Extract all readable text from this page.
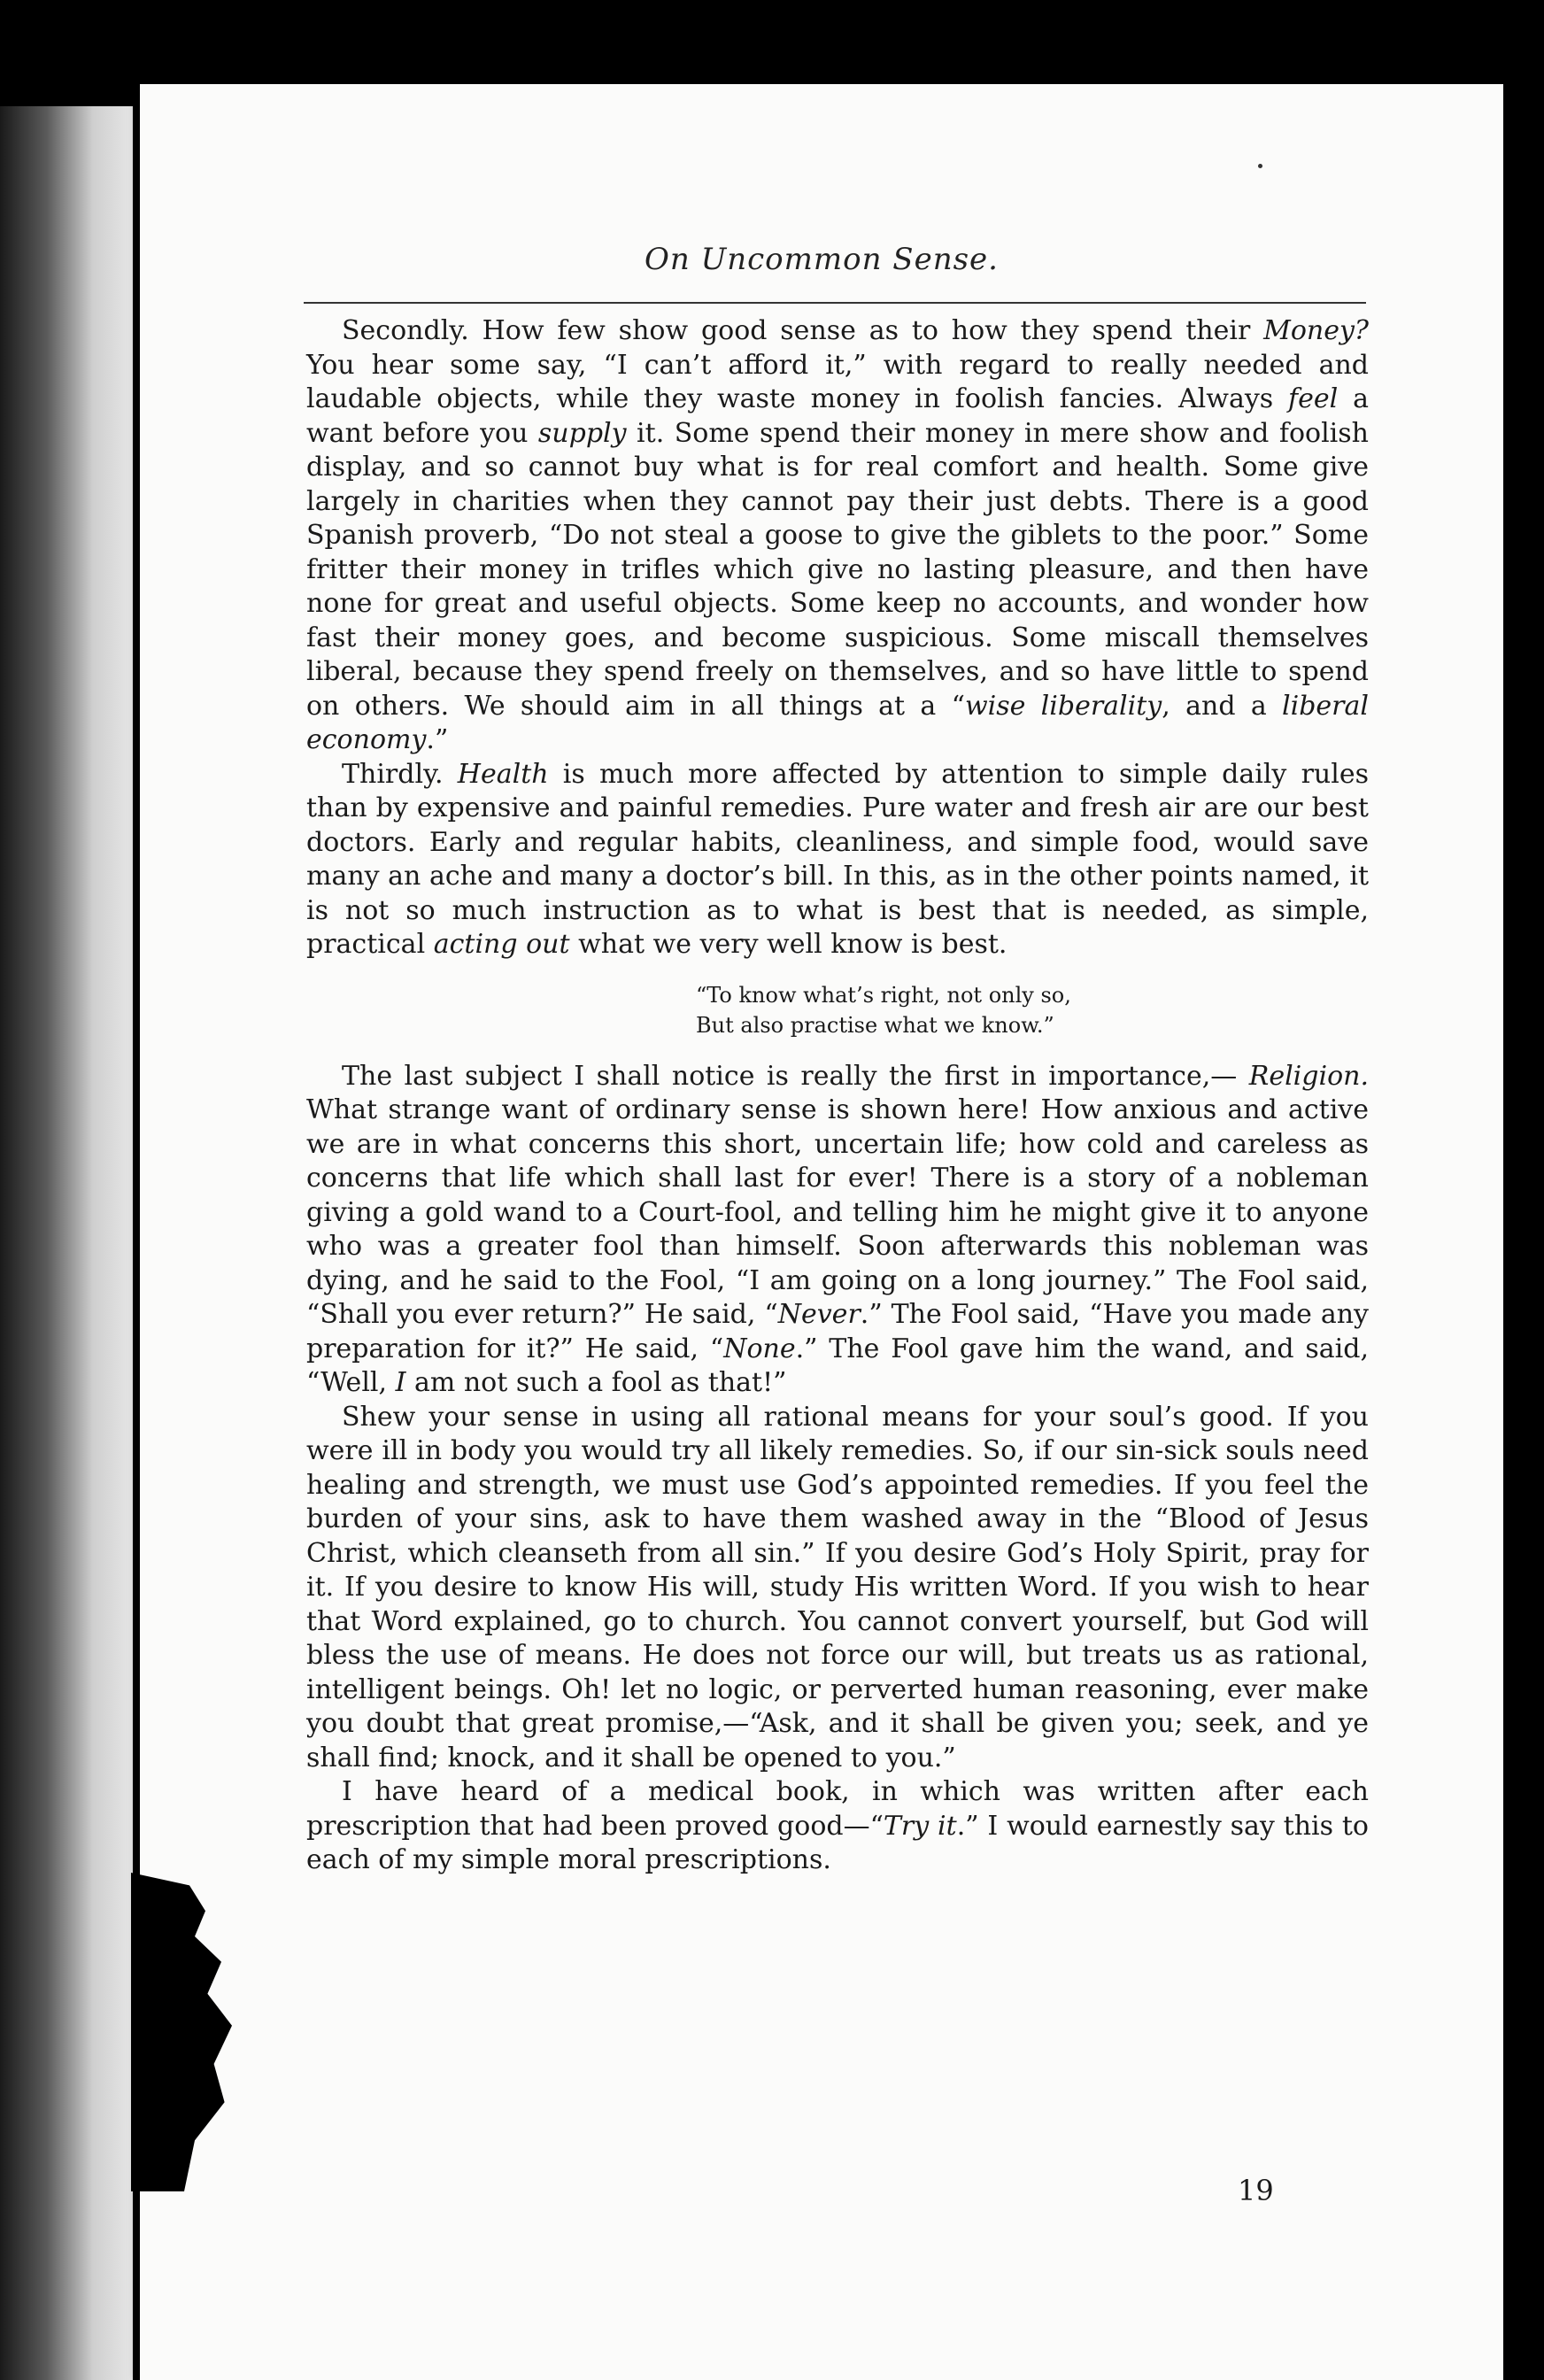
On Uncommon Sense.

Secondly. How few show good sense as to how they spend their Money? You hear some say, “I can’t afford it,” with regard to really needed and laudable objects, while they waste money in foolish fancies. Always feel a want before you supply it. Some spend their money in mere show and foolish display, and so cannot buy what is for real comfort and health. Some give largely in charities when they cannot pay their just debts. There is a good Spanish proverb, “Do not steal a goose to give the giblets to the poor.” Some fritter their money in trifles which give no lasting pleasure, and then have none for great and useful objects. Some keep no accounts, and wonder how fast their money goes, and become suspicious. Some miscall themselves liberal, because they spend freely on themselves, and so have little to spend on others. We should aim in all things at a “wise liberality, and a liberal economy.”

Thirdly. Health is much more affected by attention to simple daily rules than by expensive and painful remedies. Pure water and fresh air are our best doctors. Early and regular habits, cleanliness, and simple food, would save many an ache and many a doctor’s bill. In this, as in the other points named, it is not so much instruction as to what is best that is needed, as simple, practical acting out what we very well know is best.

“To know what’s right, not only so,
But also practise what we know.”

The last subject I shall notice is really the first in importance,— Religion. What strange want of ordinary sense is shown here! How anxious and active we are in what concerns this short, uncertain life; how cold and careless as concerns that life which shall last for ever! There is a story of a nobleman giving a gold wand to a Court-fool, and telling him he might give it to anyone who was a greater fool than himself. Soon afterwards this nobleman was dying, and he said to the Fool, “I am going on a long journey.” The Fool said, “Shall you ever return?” He said, “Never.” The Fool said, “Have you made any preparation for it?” He said, “None.” The Fool gave him the wand, and said, “Well, I am not such a fool as that!”

Shew your sense in using all rational means for your soul’s good. If you were ill in body you would try all likely remedies. So, if our sin-sick souls need healing and strength, we must use God’s appointed remedies. If you feel the burden of your sins, ask to have them washed away in the “Blood of Jesus Christ, which cleanseth from all sin.” If you desire God’s Holy Spirit, pray for it. If you desire to know His will, study His written Word. If you wish to hear that Word explained, go to church. You cannot convert yourself, but God will bless the use of means. He does not force our will, but treats us as rational, intelligent beings. Oh! let no logic, or perverted human reasoning, ever make you doubt that great promise,—“Ask, and it shall be given you; seek, and ye shall find; knock, and it shall be opened to you.”

I have heard of a medical book, in which was written after each prescription that had been proved good—“Try it.” I would earnestly say this to each of my simple moral prescriptions.

19
